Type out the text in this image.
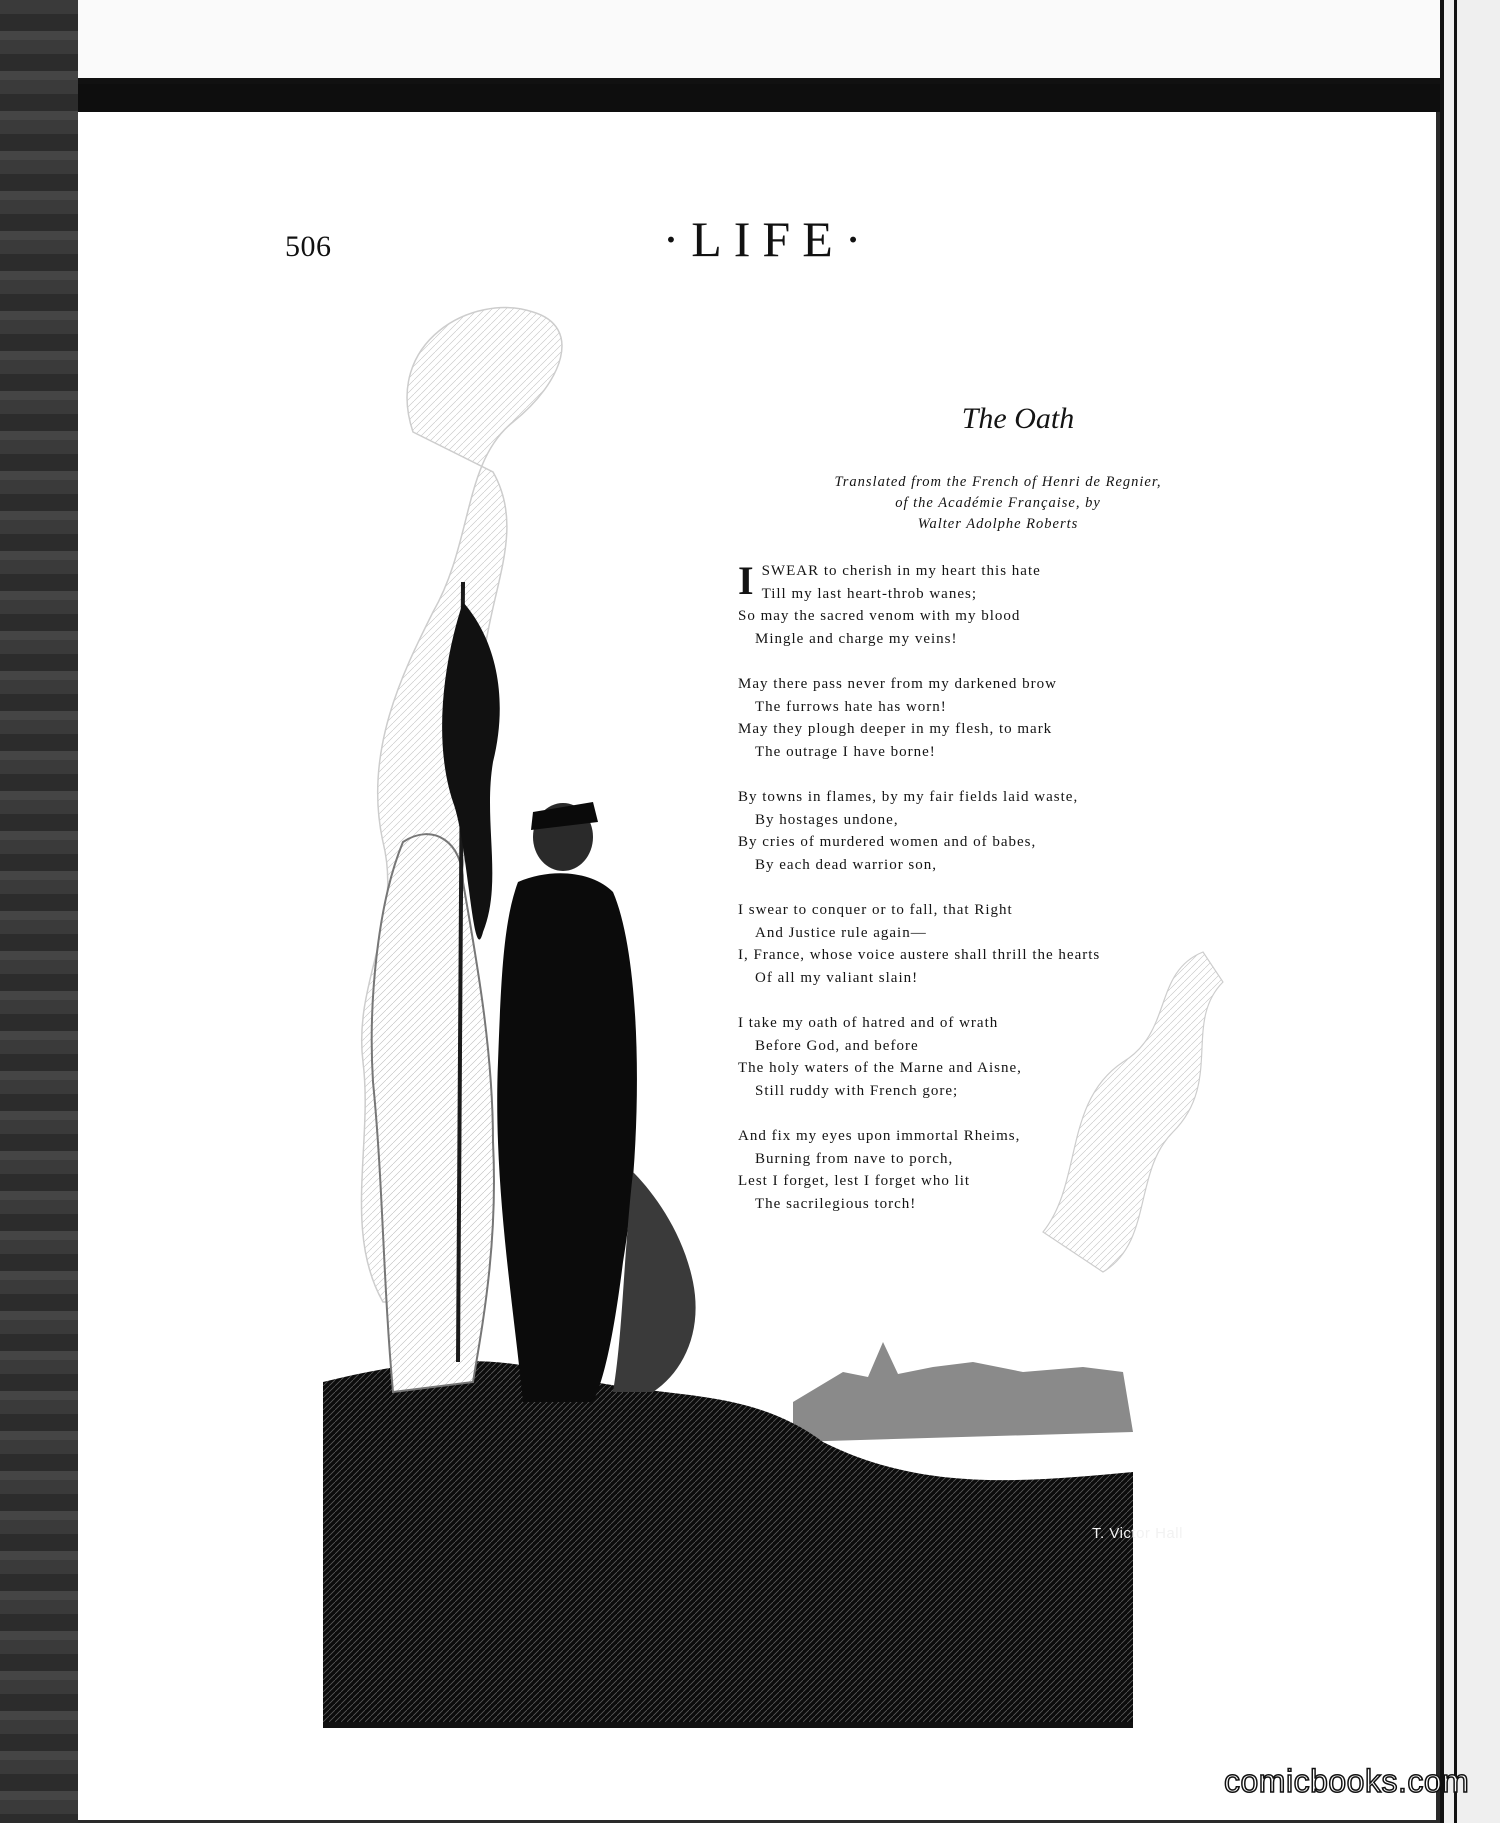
506	·LIFE·
T. Victor Hall
The Oath
Translated from the French of Henri de Regnier,
of the Académie Française, by
Walter Adolphe Roberts
I SWEAR to cherish in my heart this hate
Till my last heart-throb wanes;
So may the sacred venom with my blood
Mingle and charge my veins!
May there pass never from my darkened brow
The furrows hate has worn!
May they plough deeper in my flesh, to mark
The outrage I have borne!
By towns in flames, by my fair fields laid waste,
By hostages undone,
By cries of murdered women and of babes,
By each dead warrior son,
I swear to conquer or to fall, that Right
And Justice rule again—
I, France, whose voice austere shall thrill the hearts
Of all my valiant slain!
I take my oath of hatred and of wrath
Before God, and before
The holy waters of the Marne and Aisne,
Still ruddy with French gore;
And fix my eyes upon immortal Rheims,
Burning from nave to porch,
Lest I forget, lest I forget who lit
The sacrilegious torch!
comicbooks.com
